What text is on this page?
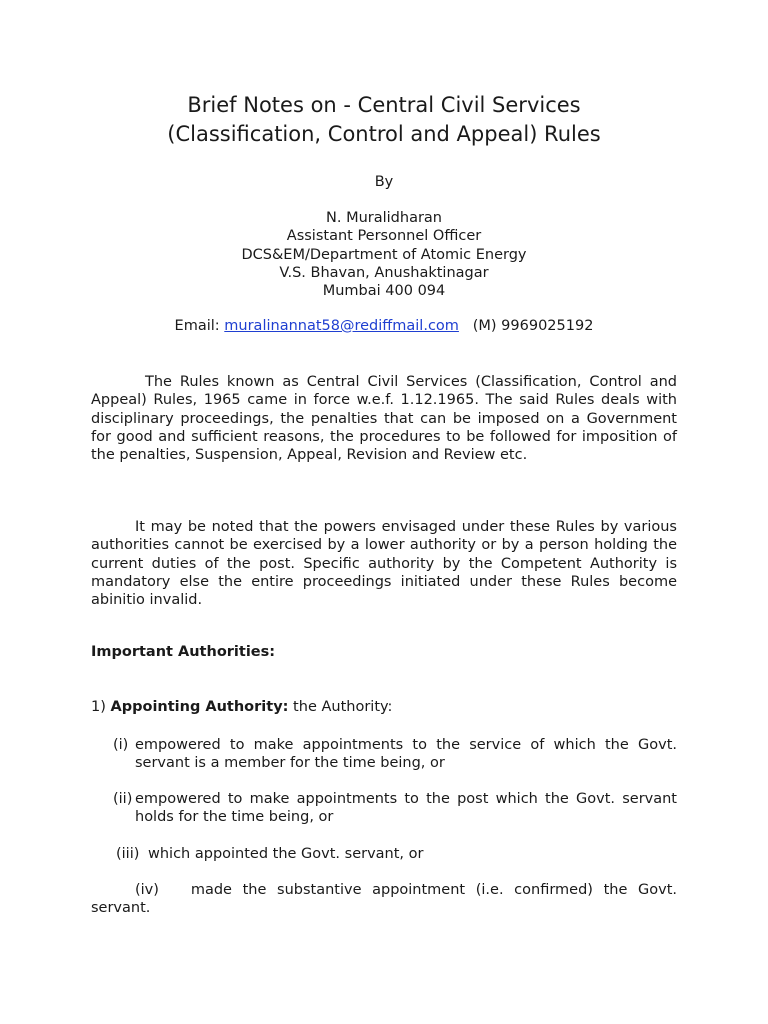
Brief Notes on - Central Civil Services
(Classification, Control and Appeal) Rules
By
N. Muralidharan
Assistant Personnel Officer
DCS&EM/Department of Atomic Energy
V.S. Bhavan, Anushaktinagar
Mumbai 400 094
Email: muralinannat58@rediffmail.com (M) 9969025192
The Rules known as Central Civil Services (Classification, Control and Appeal) Rules, 1965 came in force w.e.f. 1.12.1965. The said Rules deals with disciplinary proceedings, the penalties that can be imposed on a Government for good and sufficient reasons, the procedures to be followed for imposition of the penalties, Suspension, Appeal, Revision and Review etc.
It may be noted that the powers envisaged under these Rules by various authorities cannot be exercised by a lower authority or by a person holding the current duties of the post. Specific authority by the Competent Authority is mandatory else the entire proceedings initiated under these Rules become abinitio invalid.
Important Authorities:
1) Appointing Authority: the Authority:
(i) empowered to make appointments to the service of which the Govt. servant is a member for the time being, or
(ii) empowered to make appointments to the post which the Govt. servant holds for the time being, or
(iii) which appointed the Govt. servant, or
(iv) made the substantive appointment (i.e. confirmed) the Govt. servant.
